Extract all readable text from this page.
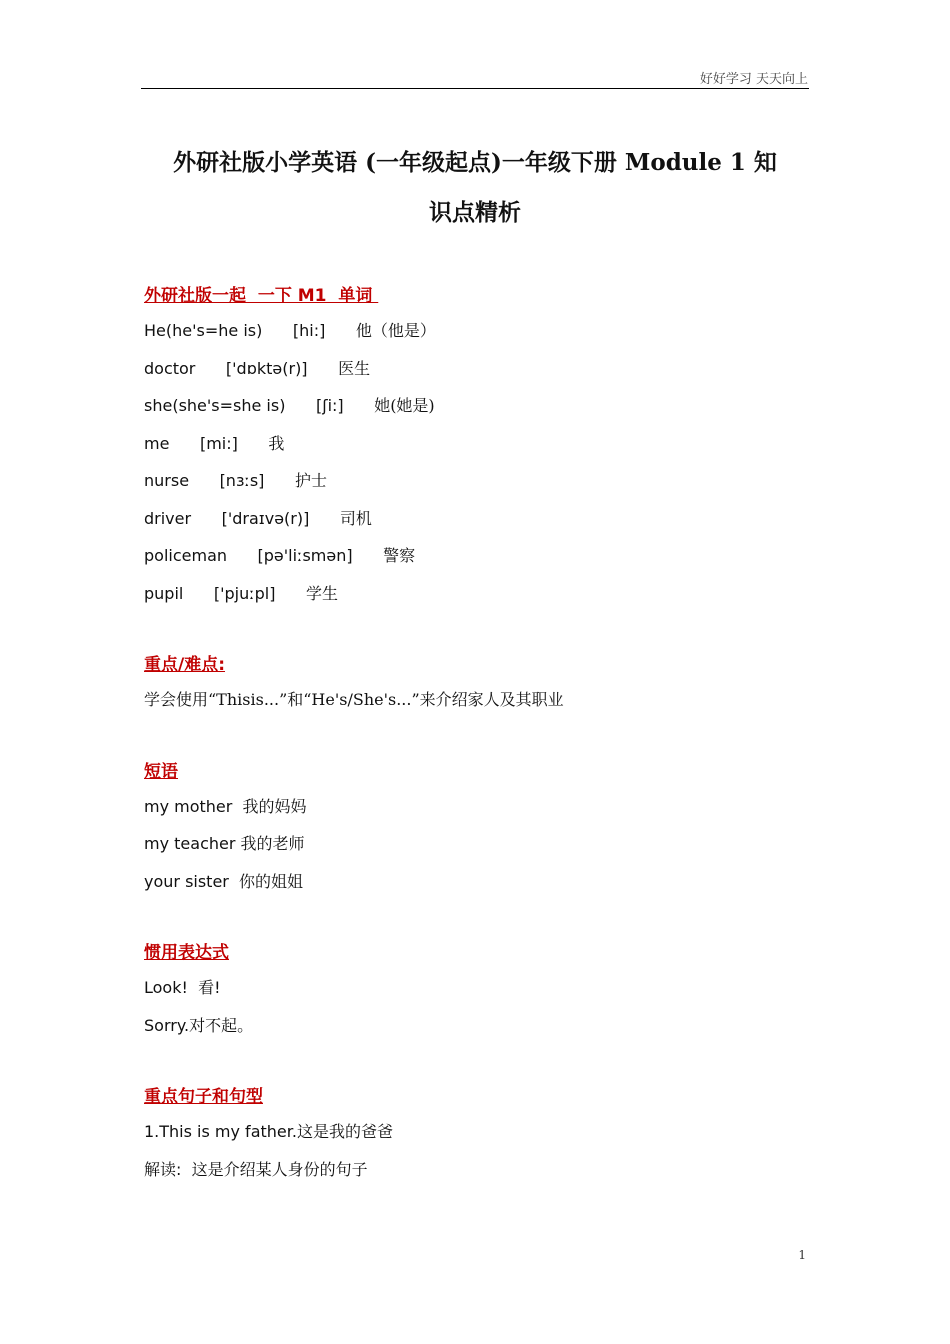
好好学习 天天向上
外研社版小学英语 (一年级起点)一年级下册 Module 1 知
识点精析
外研社版一起  一下 M1  单词
He(he's=he is) [hi:] 他（他是）
doctor ['dɒktə(r)] 医生
she(she's=she is) [ʃi:] 她(她是)
me [mi:] 我
nurse [nɜːs] 护士
driver ['draɪvə(r)] 司机
policeman [pə'liːsmən] 警察
pupil ['pjuːpl] 学生
重点/难点:
学会使用“Thisis...”和“He's/She's...”来介绍家人及其职业
短语
my mother  我的妈妈
my teacher 我的老师
your sister  你的姐姐
惯用表达式
Look!  看!
Sorry.对不起。
重点句子和句型
1.This is my father.这是我的爸爸
解读:  这是介绍某人身份的句子
1
